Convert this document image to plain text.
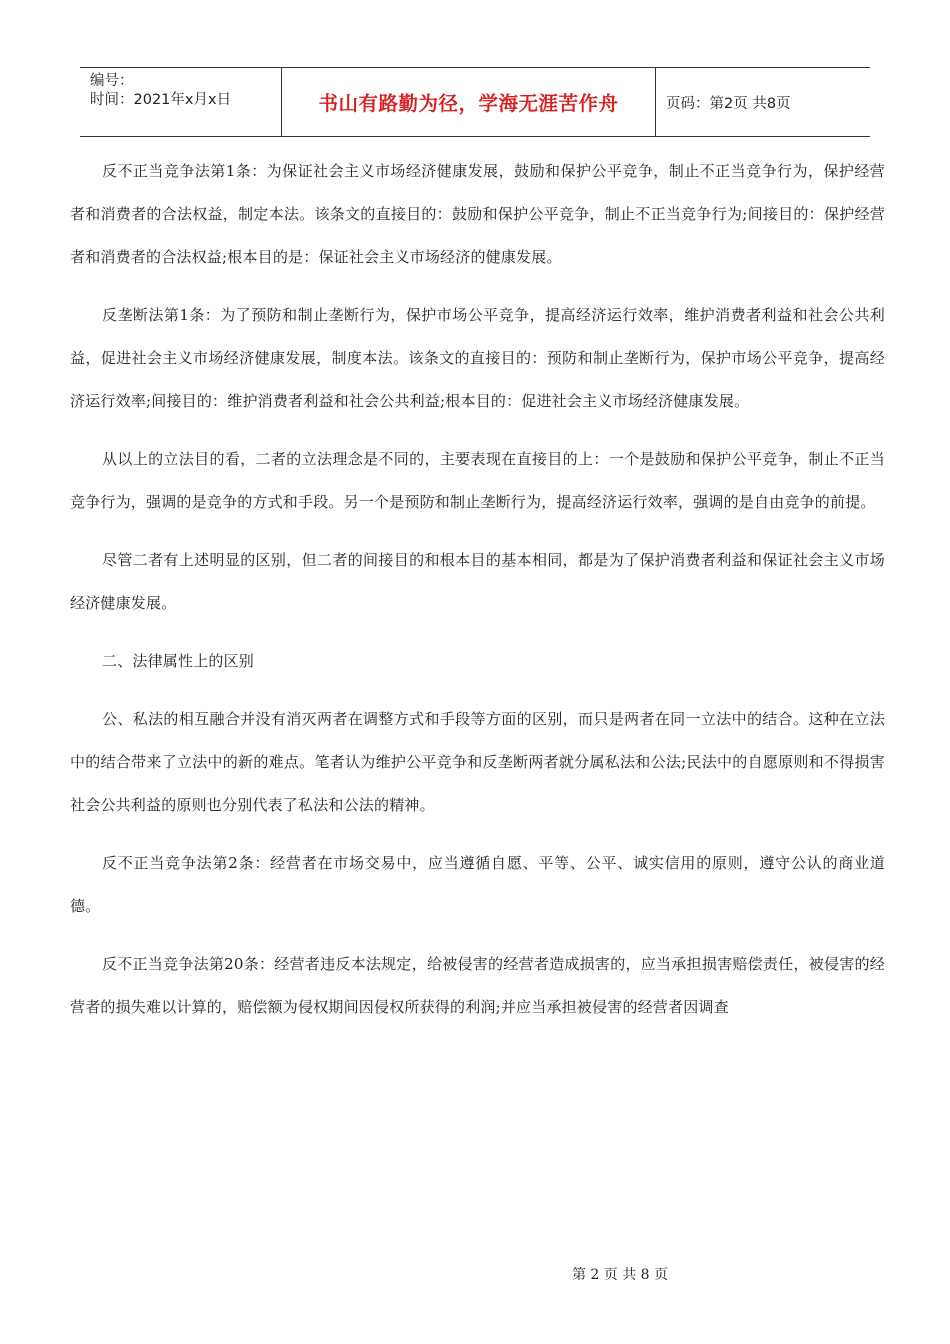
编号：
时间：2021年x月x日	书山有路勤为径，学海无涯苦作舟	页码：第2页 共8页

反不正当竞争法第1条：为保证社会主义市场经济健康发展，鼓励和保护公平竞争，制止不正当竞争行为，保护经营者和消费者的合法权益，制定本法。该条文的直接目的：鼓励和保护公平竞争，制止不正当竞争行为;间接目的：保护经营者和消费者的合法权益;根本目的是：保证社会主义市场经济的健康发展。

反垄断法第1条：为了预防和制止垄断行为，保护市场公平竞争，提高经济运行效率，维护消费者利益和社会公共利益，促进社会主义市场经济健康发展，制度本法。该条文的直接目的：预防和制止垄断行为，保护市场公平竞争，提高经济运行效率;间接目的：维护消费者利益和社会公共利益;根本目的：促进社会主义市场经济健康发展。

从以上的立法目的看，二者的立法理念是不同的，主要表现在直接目的上：一个是鼓励和保护公平竞争，制止不正当竞争行为，强调的是竞争的方式和手段。另一个是预防和制止垄断行为，提高经济运行效率，强调的是自由竞争的前提。

尽管二者有上述明显的区别，但二者的间接目的和根本目的基本相同，都是为了保护消费者利益和保证社会主义市场经济健康发展。

二、法律属性上的区别

公、私法的相互融合并没有消灭两者在调整方式和手段等方面的区别，而只是两者在同一立法中的结合。这种在立法中的结合带来了立法中的新的难点。笔者认为维护公平竞争和反垄断两者就分属私法和公法;民法中的自愿原则和不得损害社会公共利益的原则也分别代表了私法和公法的精神。

反不正当竞争法第2条：经营者在市场交易中，应当遵循自愿、平等、公平、诚实信用的原则，遵守公认的商业道德。

反不正当竞争法第20条：经营者违反本法规定，给被侵害的经营者造成损害的，应当承担损害赔偿责任，被侵害的经营者的损失难以计算的，赔偿额为侵权期间因侵权所获得的利润;并应当承担被侵害的经营者因调查

第 2 页 共 8 页
